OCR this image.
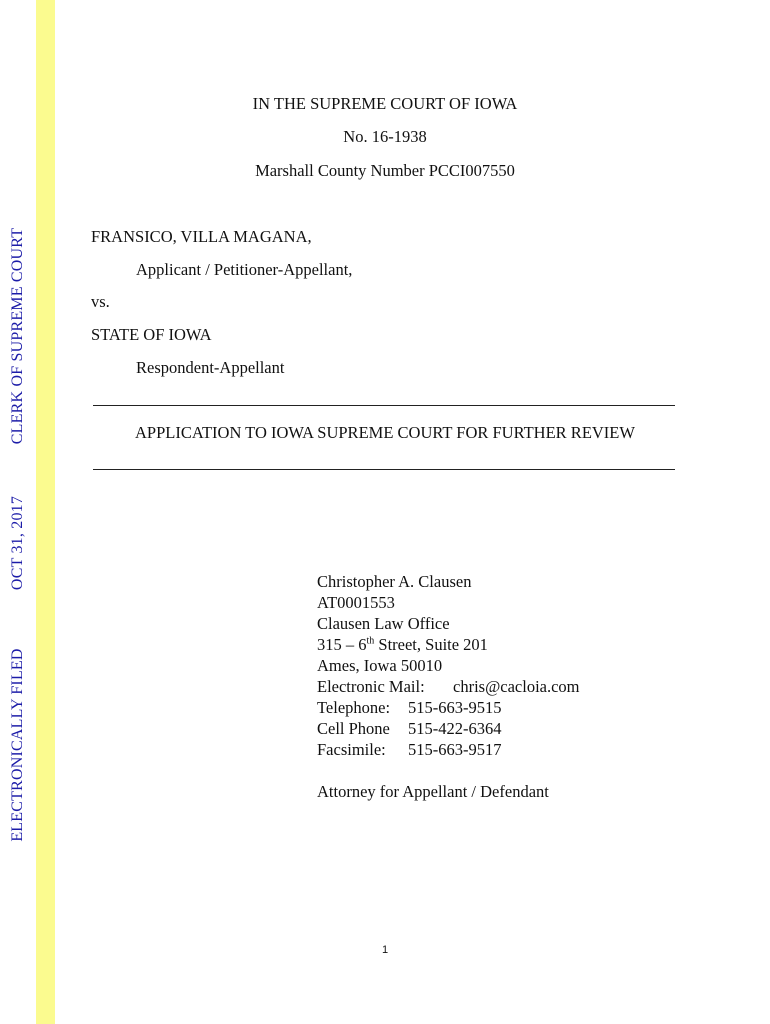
ELECTRONICALLY FILED
OCT 31, 2017
CLERK OF SUPREME COURT
IN THE SUPREME COURT OF IOWA
No. 16-1938
Marshall County Number PCCI007550
FRANSICO, VILLA MAGANA,
Applicant / Petitioner-Appellant,
vs.
STATE OF IOWA
Respondent-Appellant
APPLICATION TO IOWA SUPREME COURT FOR FURTHER REVIEW
Christopher A. Clausen
AT0001553
Clausen Law Office
315 – 6th Street, Suite 201
Ames, Iowa 50010
Electronic Mail: chris@cacloia.com
Telephone: 515-663-9515
Cell Phone 515-422-6364
Facsimile: 515-663-9517
Attorney for Appellant / Defendant
1
